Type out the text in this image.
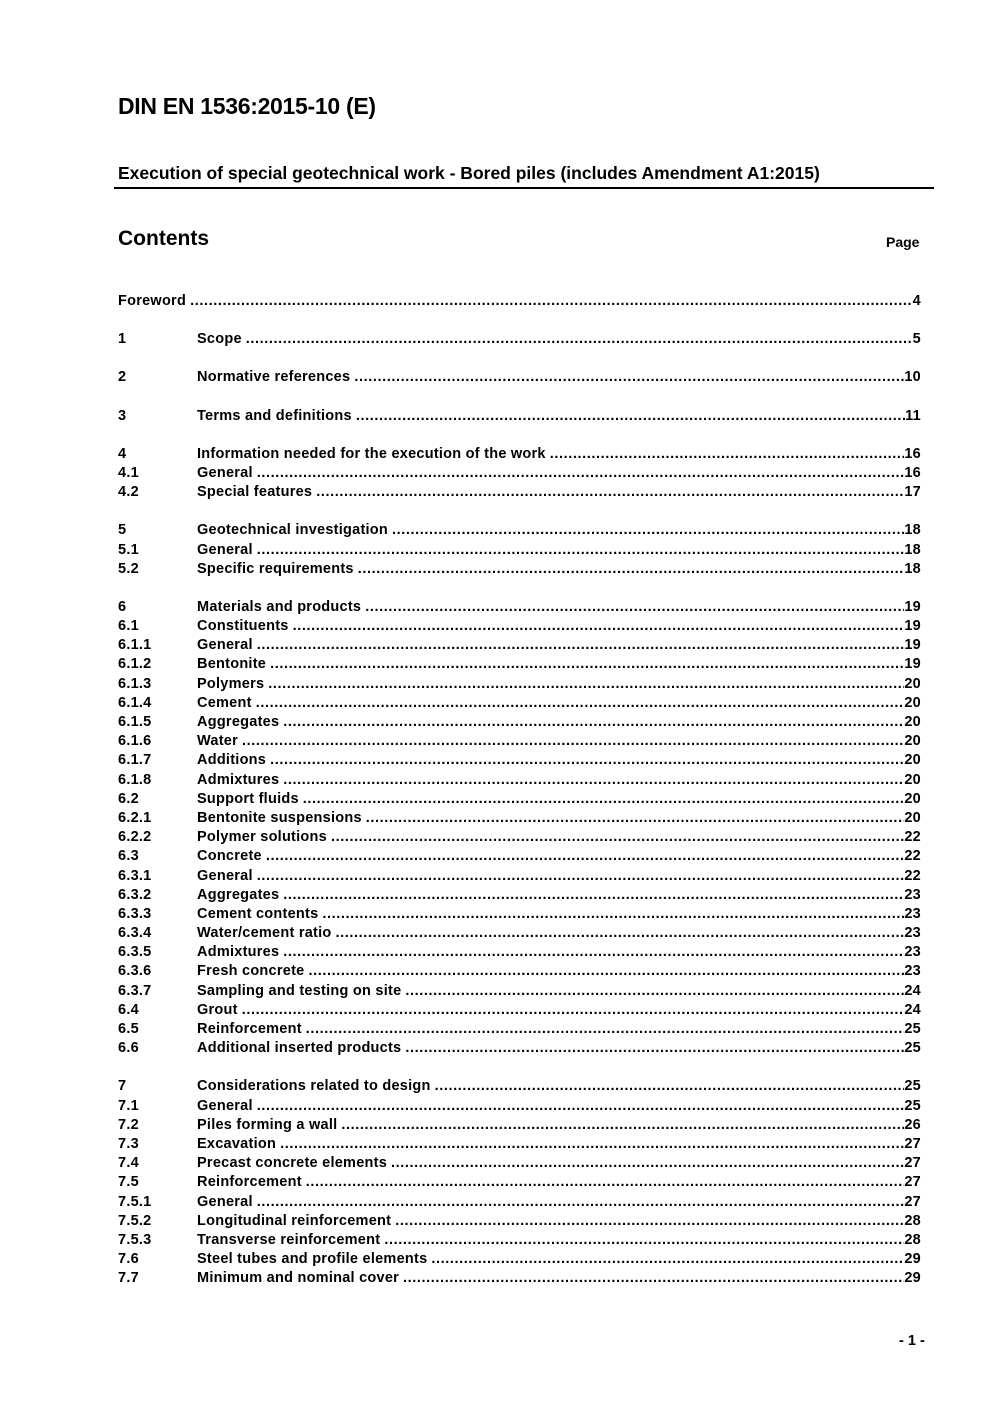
DIN EN 1536:2015-10 (E)
Execution of special geotechnical work - Bored piles (includes Amendment A1:2015)
Contents	Page
Foreword .....	4
1	Scope .....	5
2	Normative references .....	10
3	Terms and definitions .....	11
4	Information needed for the execution of the work .....	16
4.1	General .....	16
4.2	Special features .....	17
5	Geotechnical investigation .....	18
5.1	General .....	18
5.2	Specific requirements .....	18
6	Materials and products .....	19
6.1	Constituents .....	19
6.1.1	General .....	19
6.1.2	Bentonite .....	19
6.1.3	Polymers .....	20
6.1.4	Cement .....	20
6.1.5	Aggregates .....	20
6.1.6	Water .....	20
6.1.7	Additions .....	20
6.1.8	Admixtures .....	20
6.2	Support fluids .....	20
6.2.1	Bentonite suspensions .....	20
6.2.2	Polymer solutions .....	22
6.3	Concrete .....	22
6.3.1	General .....	22
6.3.2	Aggregates .....	23
6.3.3	Cement contents .....	23
6.3.4	Water/cement ratio .....	23
6.3.5	Admixtures .....	23
6.3.6	Fresh concrete .....	23
6.3.7	Sampling and testing on site .....	24
6.4	Grout .....	24
6.5	Reinforcement .....	25
6.6	Additional inserted products .....	25
7	Considerations related to design .....	25
7.1	General .....	25
7.2	Piles forming a wall .....	26
7.3	Excavation .....	27
7.4	Precast concrete elements .....	27
7.5	Reinforcement .....	27
7.5.1	General .....	27
7.5.2	Longitudinal reinforcement .....	28
7.5.3	Transverse reinforcement .....	28
7.6	Steel tubes and profile elements .....	29
7.7	Minimum and nominal cover .....	29
- 1 -
